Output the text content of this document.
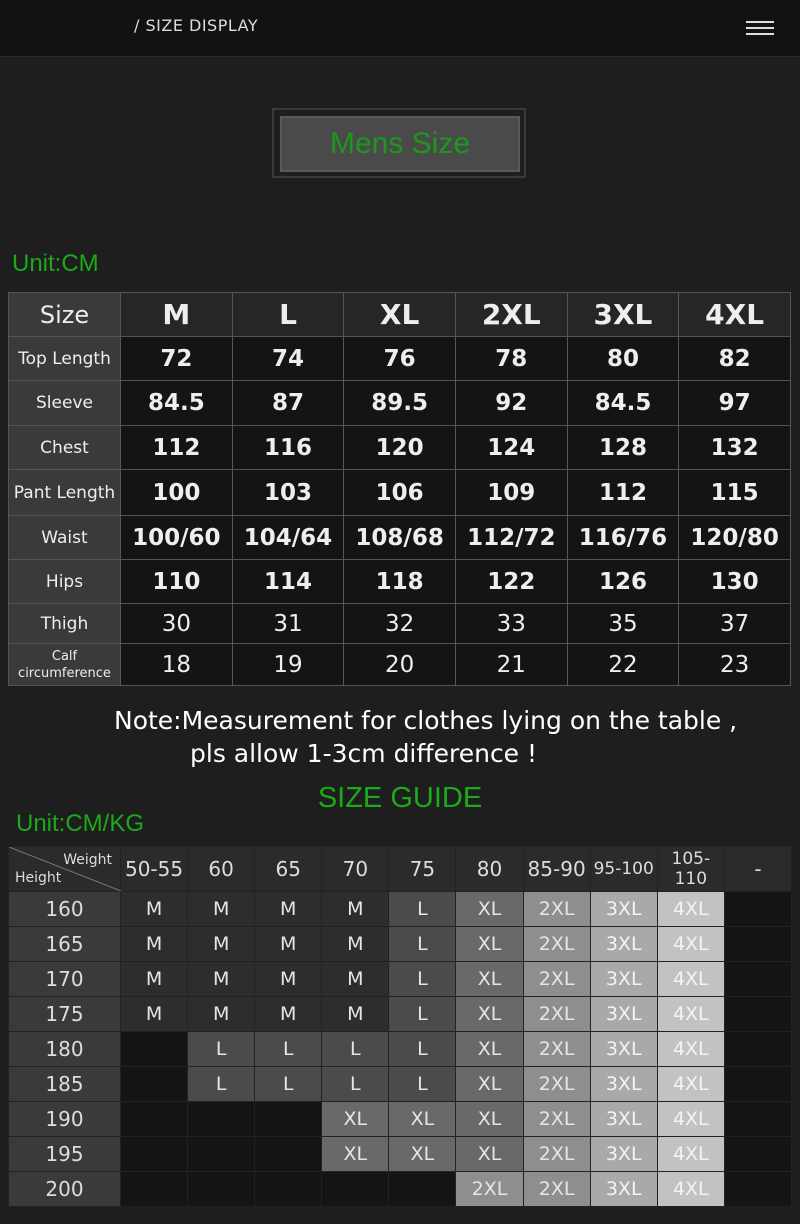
/ SIZE DISPLAY
Mens Size
Unit:CM
Size	M	L	XL	2XL	3XL	4XL
Top Length	72	74	76	78	80	82
Sleeve	84.5	87	89.5	92	84.5	97
Chest	112	116	120	124	128	132
Pant Length	100	103	106	109	112	115
Waist	100/60	104/64	108/68	112/72	116/76	120/80
Hips	110	114	118	122	126	130
Thigh	30	31	32	33	35	37
Calf circumference	18	19	20	21	22	23
Note:Measurement for clothes lying on the table ,
pls allow 1-3cm difference !
SIZE GUIDE
Unit:CM/KG
Weight
Height	50-55	60	65	70	75	80	85-90	95-100	105-110	-
160	M	M	M	M	L	XL	2XL	3XL	4XL	
165	M	M	M	M	L	XL	2XL	3XL	4XL	
170	M	M	M	M	L	XL	2XL	3XL	4XL	
175	M	M	M	M	L	XL	2XL	3XL	4XL	
180		L	L	L	L	XL	2XL	3XL	4XL	
185		L	L	L	L	XL	2XL	3XL	4XL	
190				XL	XL	XL	2XL	3XL	4XL	
195				XL	XL	XL	2XL	3XL	4XL	
200						2XL	2XL	3XL	4XL	
